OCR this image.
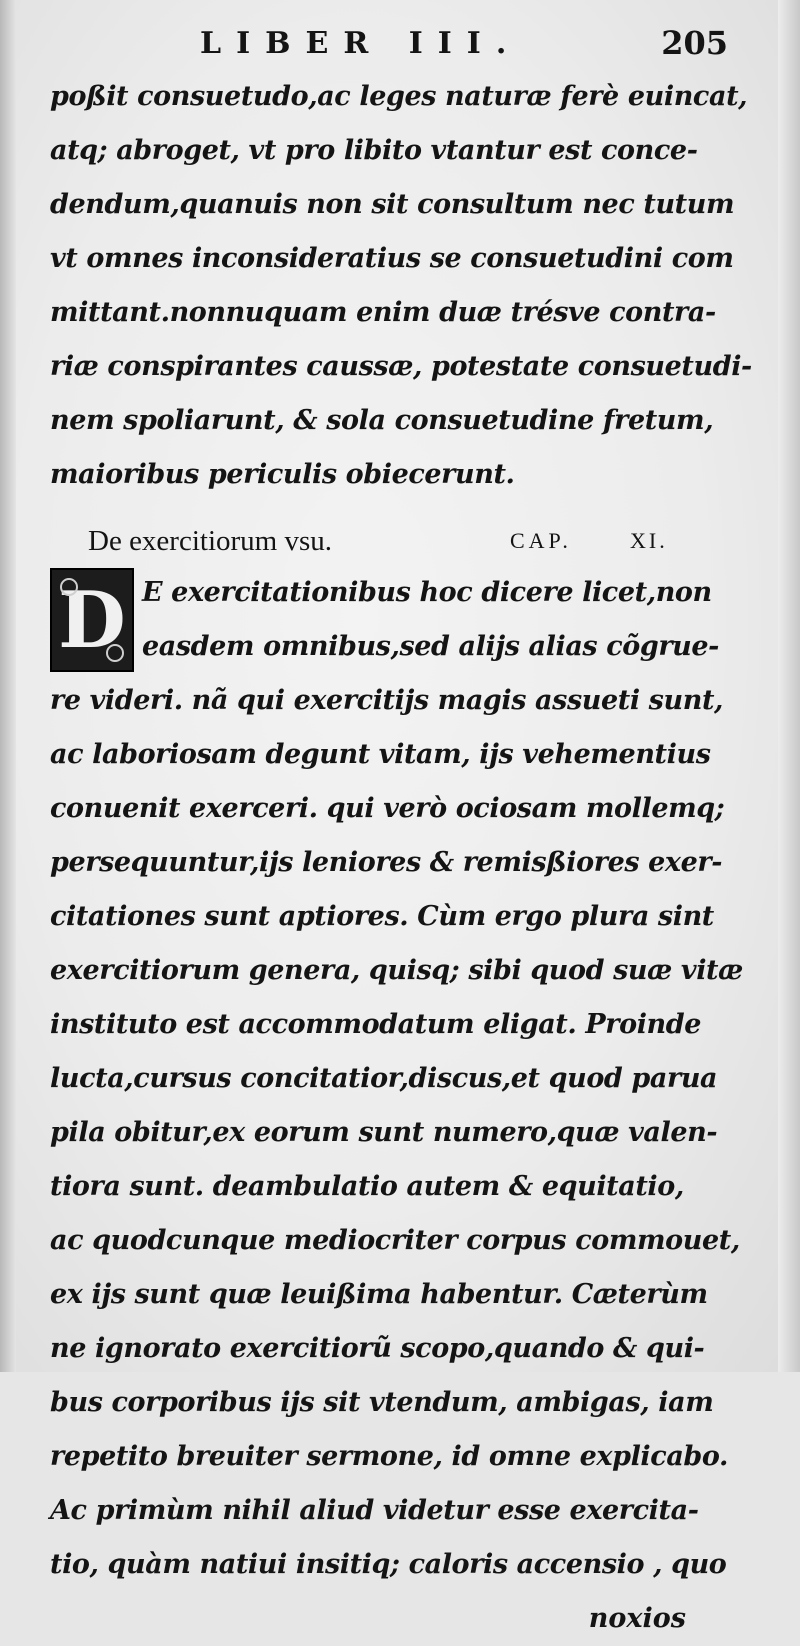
LIBER III.	205
poßit consuetudo,ac leges naturæ ferè euincat,
atq; abroget, vt pro libito vtantur est conce-
dendum,quanuis non sit consultum nec tutum
vt omnes inconsideratius se consuetudini com
mittant.nonnuquam enim duæ trésve contra-
riæ conspirantes caussæ, potestate consuetudi-
nem spoliarunt, & sola consuetudine fretum,
maioribus periculis obiecerunt.
De exercitiorum vsu.	CAP.	XI.
D E exercitationibus hoc dicere licet,non
easdem omnibus,sed alijs alias cõgrue-
re videri. nã qui exercitijs magis assueti sunt,
ac laboriosam degunt vitam, ijs vehementius
conuenit exerceri. qui verò ociosam mollemq;
persequuntur,ijs leniores & remisßiores exer-
citationes sunt aptiores. Cùm ergo plura sint
exercitiorum genera, quisq; sibi quod suæ vitæ
instituto est accommodatum eligat. Proinde
lucta,cursus concitatior,discus,et quod parua
pila obitur,ex eorum sunt numero,quæ valen-
tiora sunt. deambulatio autem & equitatio,
ac quodcunque mediocriter corpus commouet,
ex ijs sunt quæ leuißima habentur. Cæterùm
ne ignorato exercitiorũ scopo,quando & qui-
bus corporibus ijs sit vtendum, ambigas, iam
repetito breuiter sermone, id omne explicabo.
Ac primùm nihil aliud videtur esse exercita-
tio, quàm natiui insitiq; caloris accensio , quo
noxios
